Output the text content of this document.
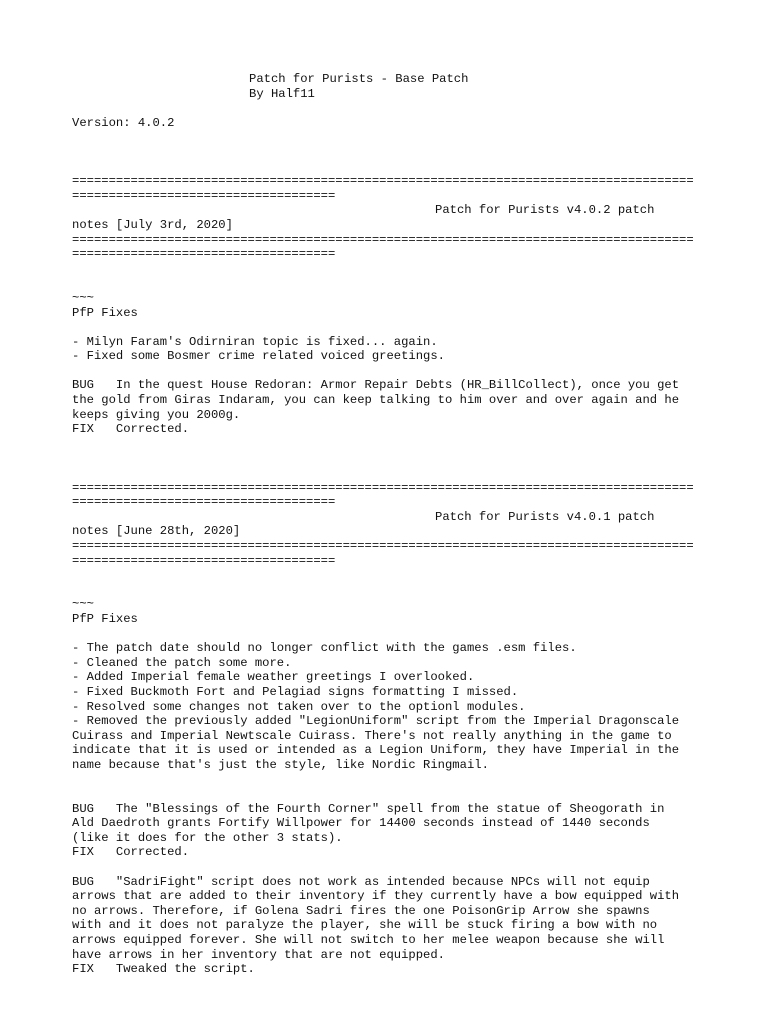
Patch for Purists - Base Patch
By Half11
Version: 4.0.2
=====================================================================================
====================================
Patch for Purists v4.0.2 patch
notes [July 3rd, 2020]
=====================================================================================
====================================
~~~
PfP Fixes
- Milyn Faram's Odirniran topic is fixed... again.
- Fixed some Bosmer crime related voiced greetings.
BUG   In the quest House Redoran: Armor Repair Debts (HR_BillCollect), once you get
the gold from Giras Indaram, you can keep talking to him over and over again and he
keeps giving you 2000g.
FIX   Corrected.
=====================================================================================
====================================
Patch for Purists v4.0.1 patch
notes [June 28th, 2020]
=====================================================================================
====================================
~~~
PfP Fixes
- The patch date should no longer conflict with the games .esm files.
- Cleaned the patch some more.
- Added Imperial female weather greetings I overlooked.
- Fixed Buckmoth Fort and Pelagiad signs formatting I missed.
- Resolved some changes not taken over to the optionl modules.
- Removed the previously added "LegionUniform" script from the Imperial Dragonscale
Cuirass and Imperial Newtscale Cuirass. There's not really anything in the game to
indicate that it is used or intended as a Legion Uniform, they have Imperial in the
name because that's just the style, like Nordic Ringmail.
BUG   The "Blessings of the Fourth Corner" spell from the statue of Sheogorath in
Ald Daedroth grants Fortify Willpower for 14400 seconds instead of 1440 seconds
(like it does for the other 3 stats).
FIX   Corrected.
BUG   "SadriFight" script does not work as intended because NPCs will not equip
arrows that are added to their inventory if they currently have a bow equipped with
no arrows. Therefore, if Golena Sadri fires the one PoisonGrip Arrow she spawns
with and it does not paralyze the player, she will be stuck firing a bow with no
arrows equipped forever. She will not switch to her melee weapon because she will
have arrows in her inventory that are not equipped.
FIX   Tweaked the script.
